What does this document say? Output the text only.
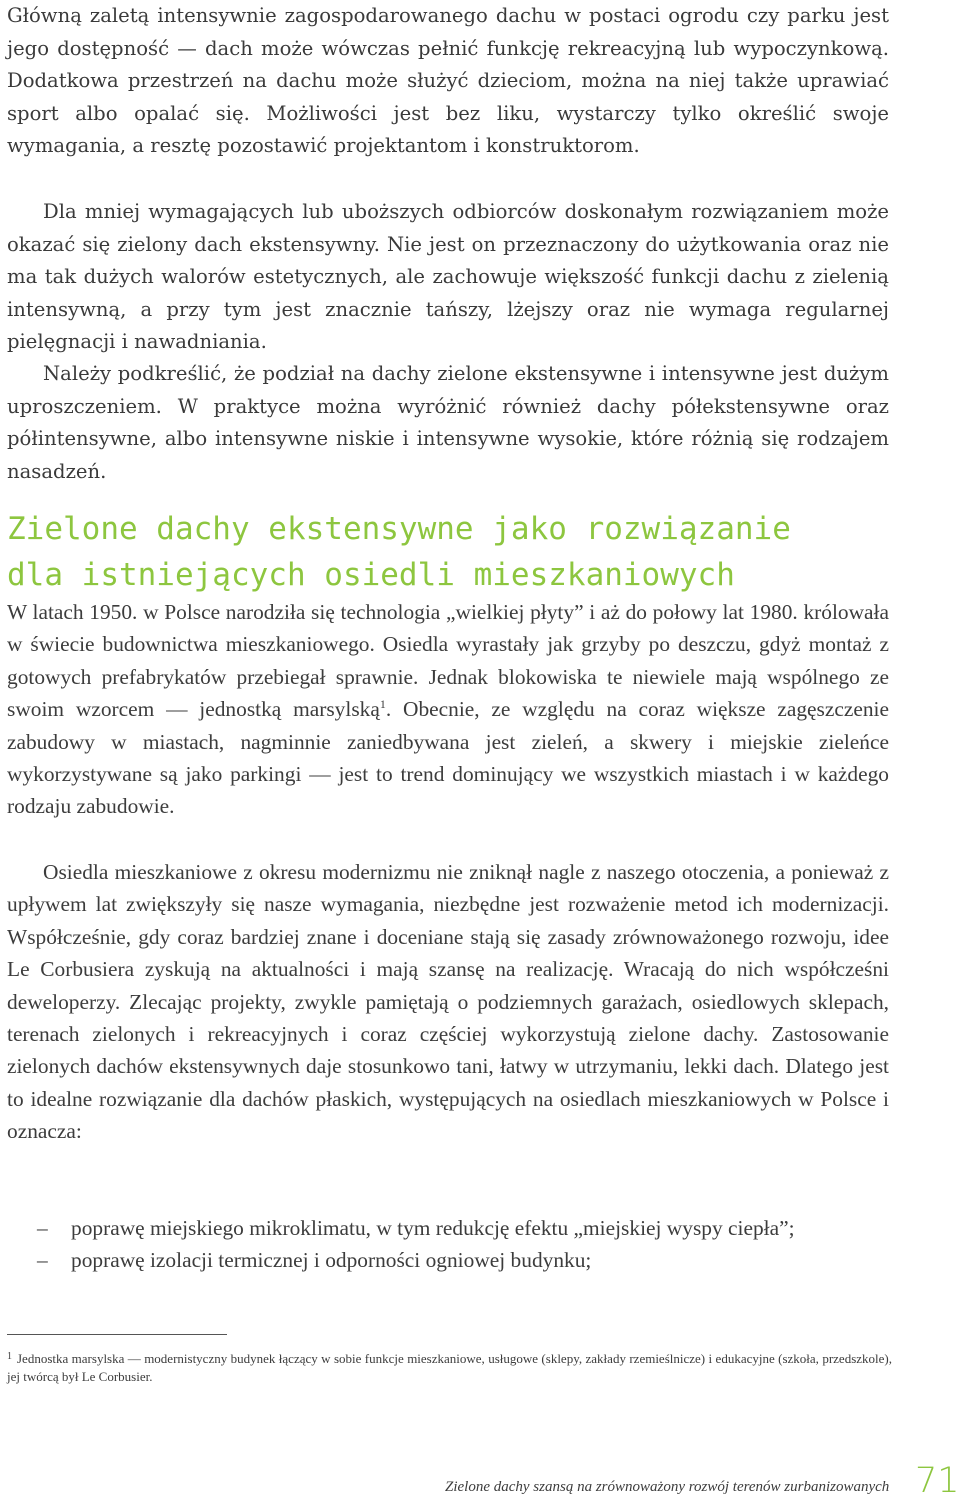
Główną zaletą intensywnie zagospodarowanego dachu w postaci ogrodu czy parku jest jego dostępność — dach może wówczas pełnić funkcję rekreacyjną lub wypoczynkową. Dodatkowa przestrzeń na dachu może służyć dzieciom, można na niej także uprawiać sport albo opalać się. Możliwości jest bez liku, wystarczy tylko określić swoje wymagania, a resztę pozostawić projektantom i konstruktorom.

Dla mniej wymagających lub uboższych odbiorców doskonałym rozwiązaniem może okazać się zielony dach ekstensywny. Nie jest on przeznaczony do użytkowania oraz nie ma tak dużych walorów estetycznych, ale zachowuje większość funkcji dachu z zielenią intensywną, a przy tym jest znacznie tańszy, lżejszy oraz nie wymaga regularnej pielęgnacji i nawadniania.

Należy podkreślić, że podział na dachy zielone ekstensywne i intensywne jest dużym uproszczeniem. W praktyce można wyróżnić również dachy półekstensywne oraz półintensywne, albo intensywne niskie i intensywne wysokie, które różnią się rodzajem nasadzeń.

Zielone dachy ekstensywne jako rozwiązanie
dla istniejących osiedli mieszkaniowych

W latach 1950. w Polsce narodziła się technologia „wielkiej płyty” i aż do połowy lat 1980. królowała w świecie budownictwa mieszkaniowego. Osiedla wyrastały jak grzyby po deszczu, gdyż montaż z gotowych prefabrykatów przebiegał sprawnie. Jednak blokowiska te niewiele mają wspólnego ze swoim wzorcem — jednostką marsylską$^1$. Obecnie, ze względu na coraz większe zagęszczenie zabudowy w miastach, nagminnie zaniedbywana jest zieleń, a skwery i miejskie zieleńce wykorzystywane są jako parkingi — jest to trend dominujący we wszystkich miastach i w każdego rodzaju zabudowie.

Osiedla mieszkaniowe z okresu modernizmu nie zniknął nagle z naszego otoczenia, a ponieważ z upływem lat zwiększyły się nasze wymagania, niezbędne jest rozważenie metod ich modernizacji. Współcześnie, gdy coraz bardziej znane i doceniane stają się zasady zrównoważonego rozwoju, idee Le Corbusiera zyskują na aktualności i mają szansę na realizację. Wracają do nich współcześni deweloperzy. Zlecając projekty, zwykle pamiętają o podziemnych garażach, osiedlowych sklepach, terenach zielonych i rekreacyjnych i coraz częściej wykorzystują zielone dachy. Zastosowanie zielonych dachów ekstensywnych daje stosunkowo tani, łatwy w utrzymaniu, lekki dach. Dlatego jest to idealne rozwiązanie dla dachów płaskich, występujących na osiedlach mieszkaniowych w Polsce i oznacza:

–	poprawę miejskiego mikroklimatu, w tym redukcję efektu „miejskiej wyspy ciepła”;
–	poprawę izolacji termicznej i odporności ogniowej budynku;

$^1$ Jednostka marsylska — modernistyczny budynek łączący w sobie funkcje mieszkaniowe, usługowe (sklepy, zakłady rzemieślnicze) i edukacyjne (szkoła, przedszkole), jej twórcą był Le Corbusier.

Zielone dachy szansą na zrównoważony rozwój terenów zurbanizowanych 71
